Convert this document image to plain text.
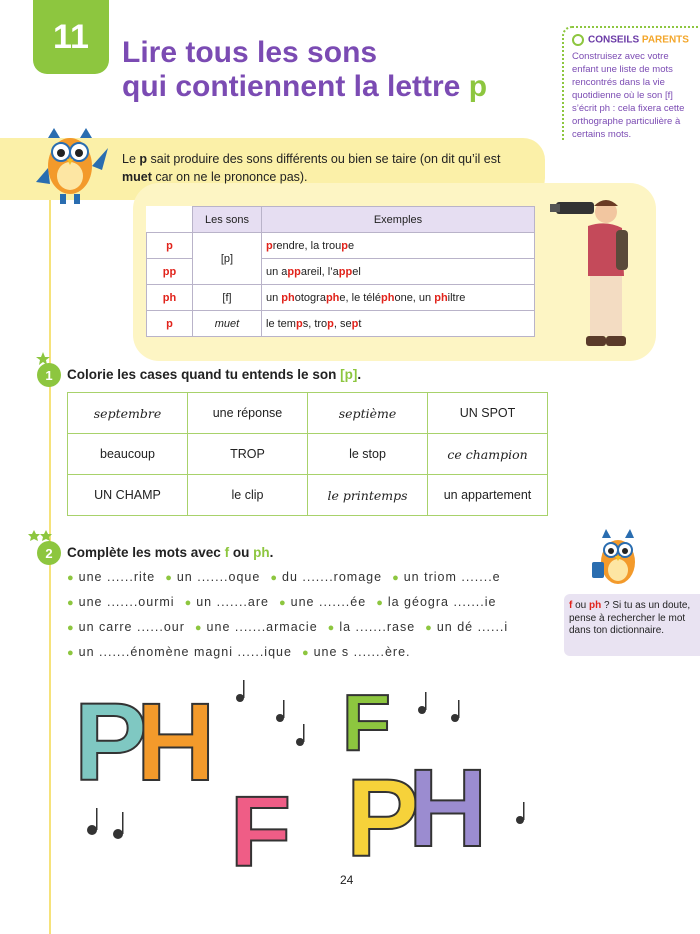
11 Lire tous les sons
qui contiennent la lettre p
CONSEILS PARENTS
Construisez avec votre enfant une liste de mots rencontrés dans la vie quotidienne où le son [f] s’écrit ph : cela fixera cette orthographe particulière à certains mots.
Le p sait produire des sons différents ou bien se taire (on dit qu’il est muet car on ne le prononce pas).
	Les sons	Exemples
p	[p]	prendre, la troupe
pp		un appareil, l’appel
ph	[f]	un photographe, le téléphone, un philtre
p	muet	le temps, trop, sept
1	Colorie les cases quand tu entends le son [p].
septembre	une réponse	septième	UN SPOT
beaucoup	TROP	le stop	ce champion
UN CHAMP	le clip	le printemps	un appartement
2	Complète les mots avec f ou ph.
● une ......rite ● un .......oque ● du .......romage ● un triom .......e
● une .......ourmi ● un .......are ● une .......ée ● la géogra .......ie
● un carre ......our ● une .......armacie ● la .......rase ● un dé ......i
● un .......énomène magni ......ique ● une s .......ère.
f ou ph ? Si tu as un doute, pense à rechercher le mot dans ton dictionnaire.
P
H F
F P
H
24
